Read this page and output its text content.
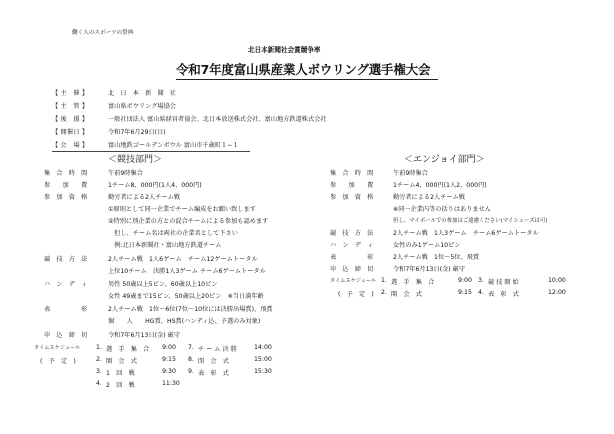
働く人のスポーツの祭典
北日本新聞社会賞競争率
令和7年度富山県産業人ボウリング選手権大会
【 主　催 】	北　日　本　新　聞　社
【 主　管 】	富山県ボウリング場協会
【 後　援 】	一般社団法人 富山県経営者協会、北日本放送株式会社、富山地方鉄道株式会社
【 開催日 】	令和7年6月29日(日)
【 会　場 】	富山地鉄ゴールデンボウル 富山市千歳町１−１
＜競技部門＞
集　合　時　間	午前9時集合
参　　加　　費	1チーム8，000円(1人4，000円)
参　加　資　格	勤労者による2人チーム戦
①原則として同一企業でチーム編成をお願い致します
②特別に別企業の方との混合チームによる参加も認めます
　但し、チーム名は両社の企業名として下さい
　例:北日本新聞社・富山地方鉄道チーム
競　技　方　法	2人チーム戦　1人6ゲーム　チーム12ゲームトータル
上位10チーム　決勝1人3ゲーム チーム6ゲームトータル
ハ　ン　デ　ィ	男性 50歳以上5ピン、60歳以上10ピン
女性 49歳まで15ピン、50歳以上20ピン　※当日満年齢
表　　　　　彰	2人チーム戦　1位～6位(7位～10位には決勝出場賞)、飛賞
個　　人　　HG賞、HS賞(ハンディ込、予選のみ対象)
申　込　締　切	令和7年6月13日(金) 厳守
タイムスケジュール
(　予　定　)
1. 選　手　集　合 9:00 7. チ ー ム 決 勝	14:00
2. 開　会　式	9:15 8. 閉　会　式	15:00
3. 1　回　戦	9:30 9. 表　彰　式	15:30
4. 2　回　戦	11:30
＜エンジョイ部門＞
集　合　時　間	午前9時集合
参　　加　　費	1チーム4，000円(1人2，000円)
参　加　資　格	勤労者による2人チーム戦
※同一企業内等の括りはありません
但し、マイボールでの参加はご遠慮ください(マイシューズは可)
競　技　方　法	2人チーム戦　1人3ゲーム　チーム6ゲームトータル
ハ　ン　デ　ィ	女性のみ1ゲーム10ピン
表　　　　　彰	2人チーム戦　1位～5位、飛賞
申　込　締　切	令和7年6月13日(金) 厳守
タイムスケジュール
(　予　定　)
1. 選　手　集　合	9:00 3. 競 技 開 始	10:00
2. 開　会　式	9:15 4. 表　彰　式	12:00
